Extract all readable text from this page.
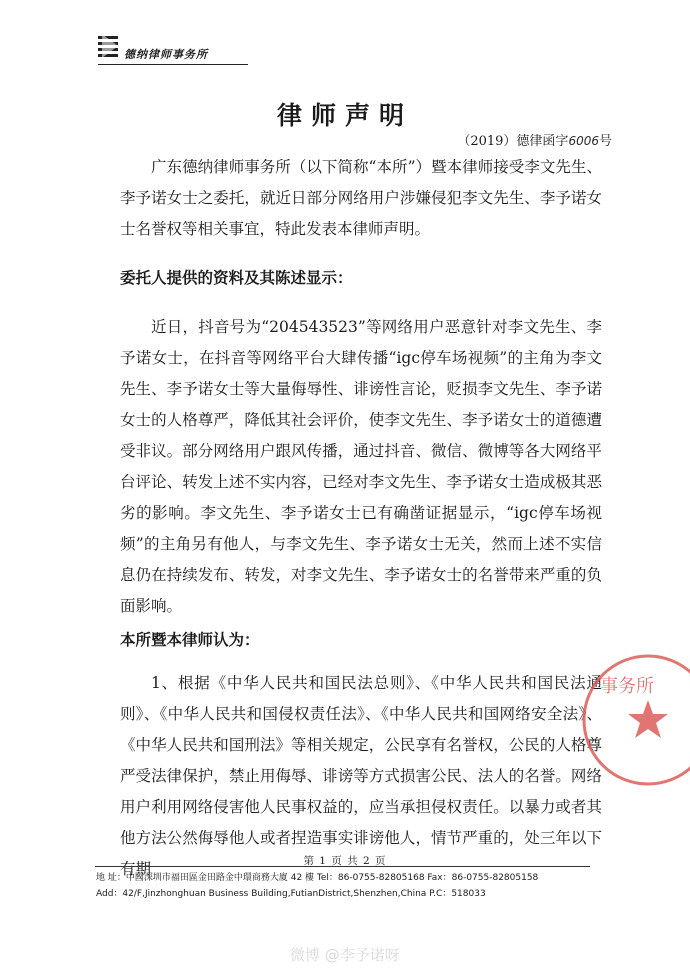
德纳律师事务所
律师声明
（2019）德律函字6006号

广东德纳律师事务所（以下简称“本所”）暨本律师接受李文先生、李予诺女士之委托，就近日部分网络用户涉嫌侵犯李文先生、李予诺女士名誉权等相关事宜，特此发表本律师声明。

委托人提供的资料及其陈述显示：

近日，抖音号为“204543523”等网络用户恶意针对李文先生、李予诺女士，在抖音等网络平台大肆传播“igc停车场视频”的主角为李文先生、李予诺女士等大量侮辱性、诽谤性言论，贬损李文先生、李予诺女士的人格尊严，降低其社会评价，使李文先生、李予诺女士的道德遭受非议。部分网络用户跟风传播，通过抖音、微信、微博等各大网络平台评论、转发上述不实内容，已经对李文先生、李予诺女士造成极其恶劣的影响。李文先生、李予诺女士已有确凿证据显示，“igc停车场视频”的主角另有他人，与李文先生、李予诺女士无关，然而上述不实信息仍在持续发布、转发，对李文先生、李予诺女士的名誉带来严重的负面影响。

本所暨本律师认为：

1、根据《中华人民共和国民法总则》、《中华人民共和国民法通则》、《中华人民共和国侵权责任法》、《中华人民共和国网络安全法》、《中华人民共和国刑法》等相关规定，公民享有名誉权，公民的人格尊严受法律保护，禁止用侮辱、诽谤等方式损害公民、法人的名誉。网络用户利用网络侵害他人民事权益的，应当承担侵权责任。以暴力或者其他方法公然侮辱他人或者捏造事实诽谤他人，情节严重的，处三年以下有期

事务所
第 1 页 共 2 页
地 址：中國深圳市福田區金田路金中環商務大廈 42 樓 Tel：86-0755-82805168 Fax：86-0755-82805158
Add：42/F,Jinzhonghuan Business Building,FutianDistrict,Shenzhen,China P.C：518033
微博 @李予诺呀
